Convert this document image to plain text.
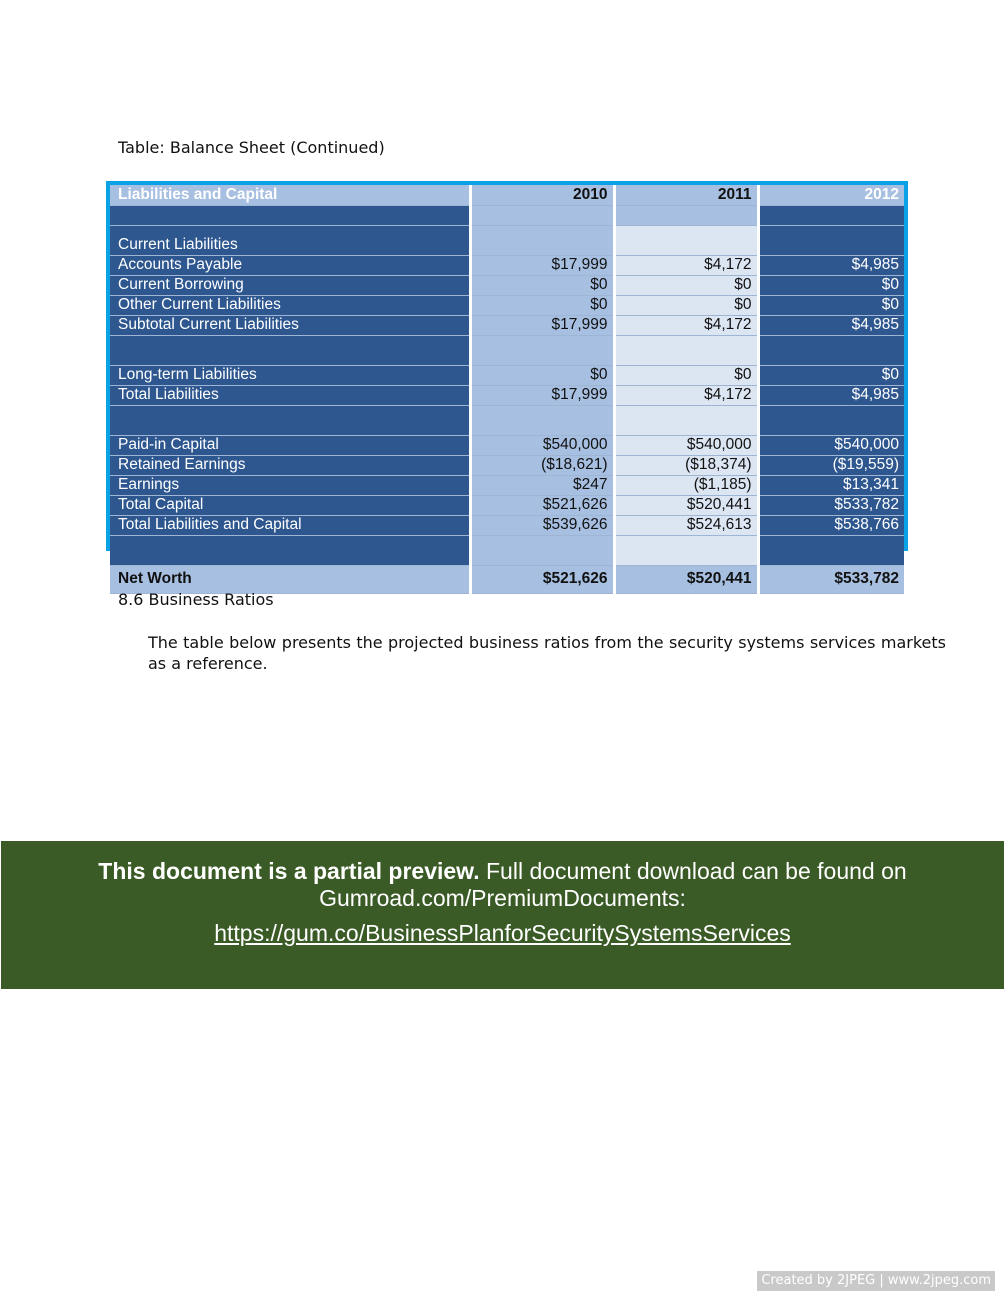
Table: Balance Sheet (Continued)
Liabilities and Capital	2010	2011	2012

Current Liabilities			
Accounts Payable	$17,999	$4,172	$4,985
Current Borrowing	$0	$0	$0
Other Current Liabilities	$0	$0	$0
Subtotal Current Liabilities	$17,999	$4,172	$4,985

Long-term Liabilities	$0	$0	$0
Total Liabilities	$17,999	$4,172	$4,985

Paid-in Capital	$540,000	$540,000	$540,000
Retained Earnings	($18,621)	($18,374)	($19,559)
Earnings	$247	($1,185)	$13,341
Total Capital	$521,626	$520,441	$533,782
Total Liabilities and Capital	$539,626	$524,613	$538,766

Net Worth	$521,626	$520,441	$533,782
8.6 Business Ratios
The table below presents the projected business ratios from the security systems services markets as a reference.
This document is a partial preview. Full document download can be found on
Gumroad.com/PremiumDocuments:
https://gum.co/BusinessPlanforSecuritySystemsServices
Created by 2JPEG | www.2jpeg.com
